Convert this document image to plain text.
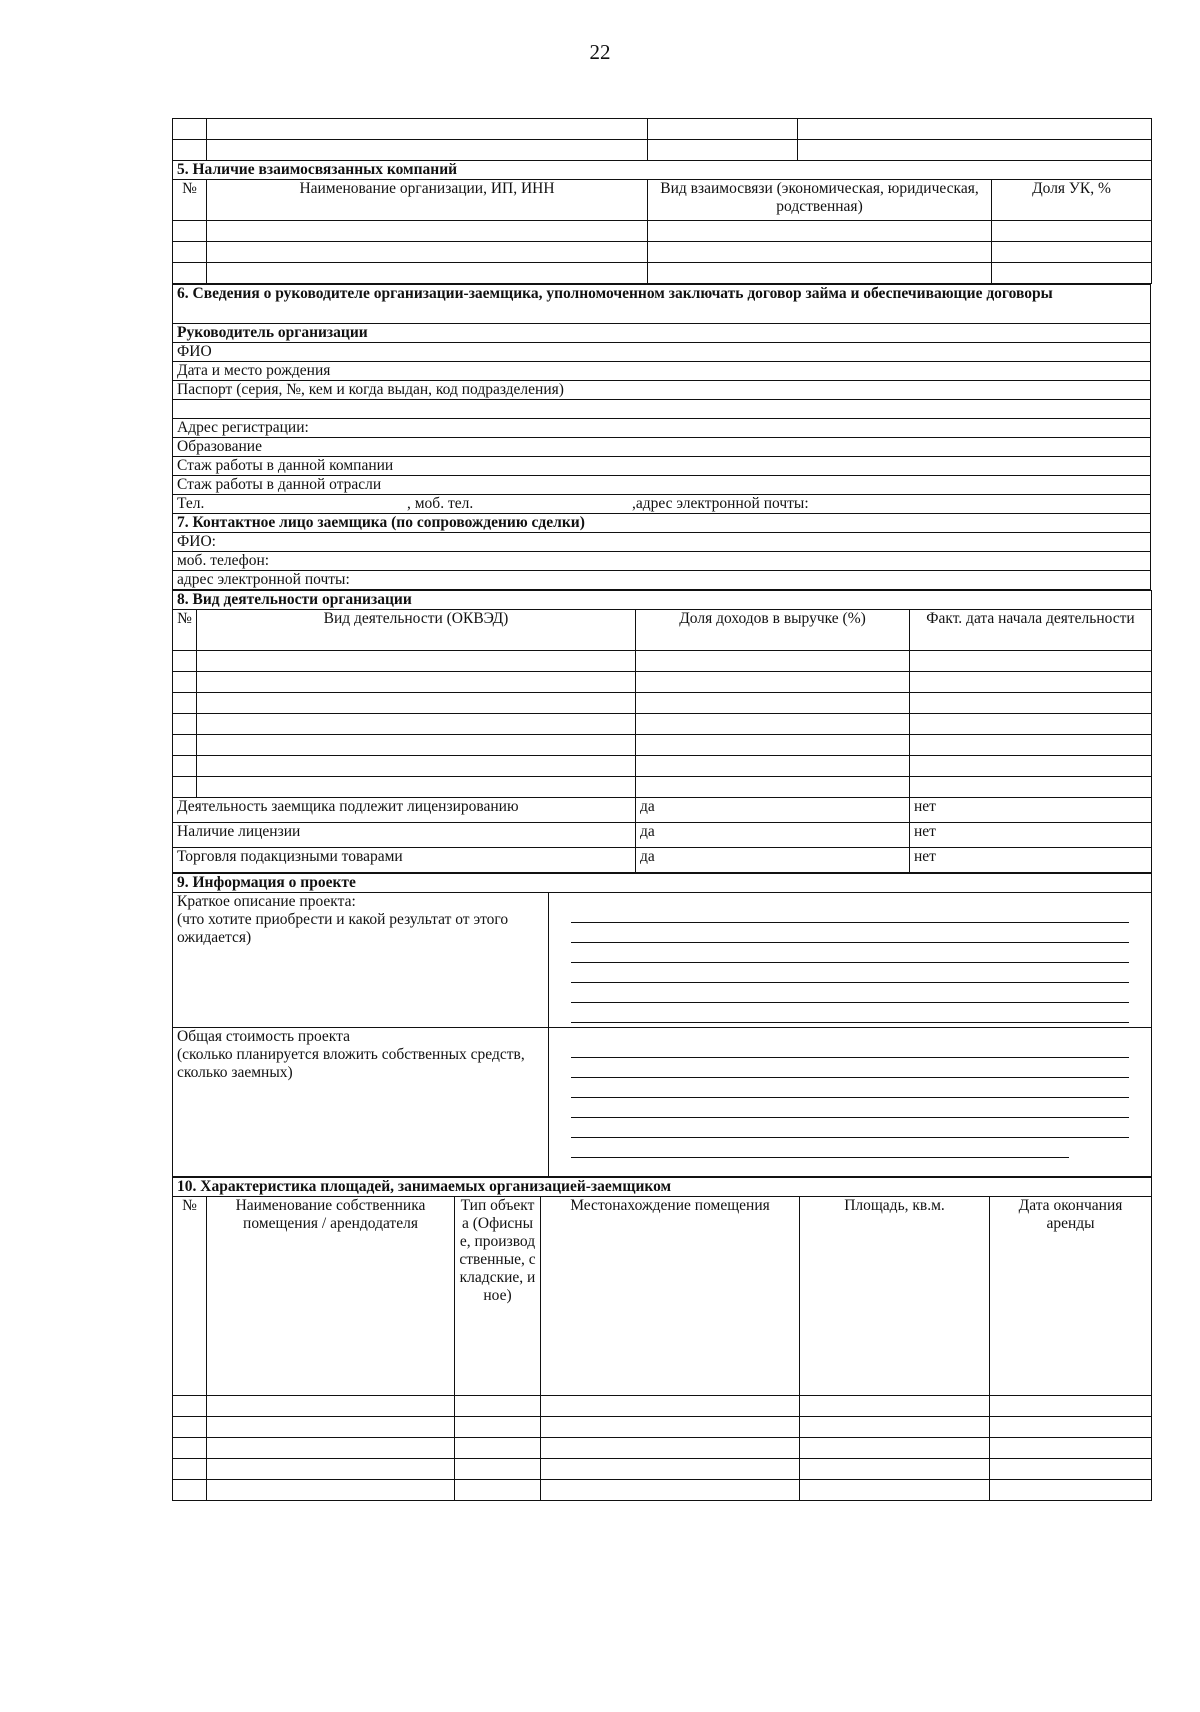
22

5. Наличие взаимосвязанных компаний				
№	Наименование организации, ИП, ИНН	Вид взаимосвязи (экономическая, юридическая, родственная)		Доля УК, %

6. Сведения о руководителе организации-заемщика, уполномоченном заключать договор займа и обеспечивающие договоры
Руководитель организации
ФИО
Дата и место рождения
Паспорт (серия, №, кем и когда выдан, код подразделения)

Адрес регистрации:
Образование
Стаж работы в данной компании
Стаж работы в данной отрасли
Тел.	, моб. тел.	,адрес электронной почты:
7. Контактное лицо заемщика (по сопровождению сделки)
ФИО:
моб. телефон:
адрес электронной почты:
8. Вид деятельности организации			
№	Вид деятельности (ОКВЭД)	Доля доходов в выручке (%)	Факт. дата начала деятельности

Деятельность заемщика подлежит лицензированию		да	нет
Наличие лицензии		да	нет
Торговля подакцизными товарами		да	нет
9. Информация о проекте	
Краткое описание проекта:
(что хотите приобрести и какой результат от этого ожидается)	

Общая стоимость проекта
(сколько планируется вложить собственных средств, сколько заемных)	
10. Характеристика площадей, занимаемых организацией-заемщиком					
№	Наименование собственника помещения / арендодателя	Тип объекта (Офисные, производственные, складские, иное)	Местонахождение помещения	Площадь, кв.м.	Дата окончания аренды
